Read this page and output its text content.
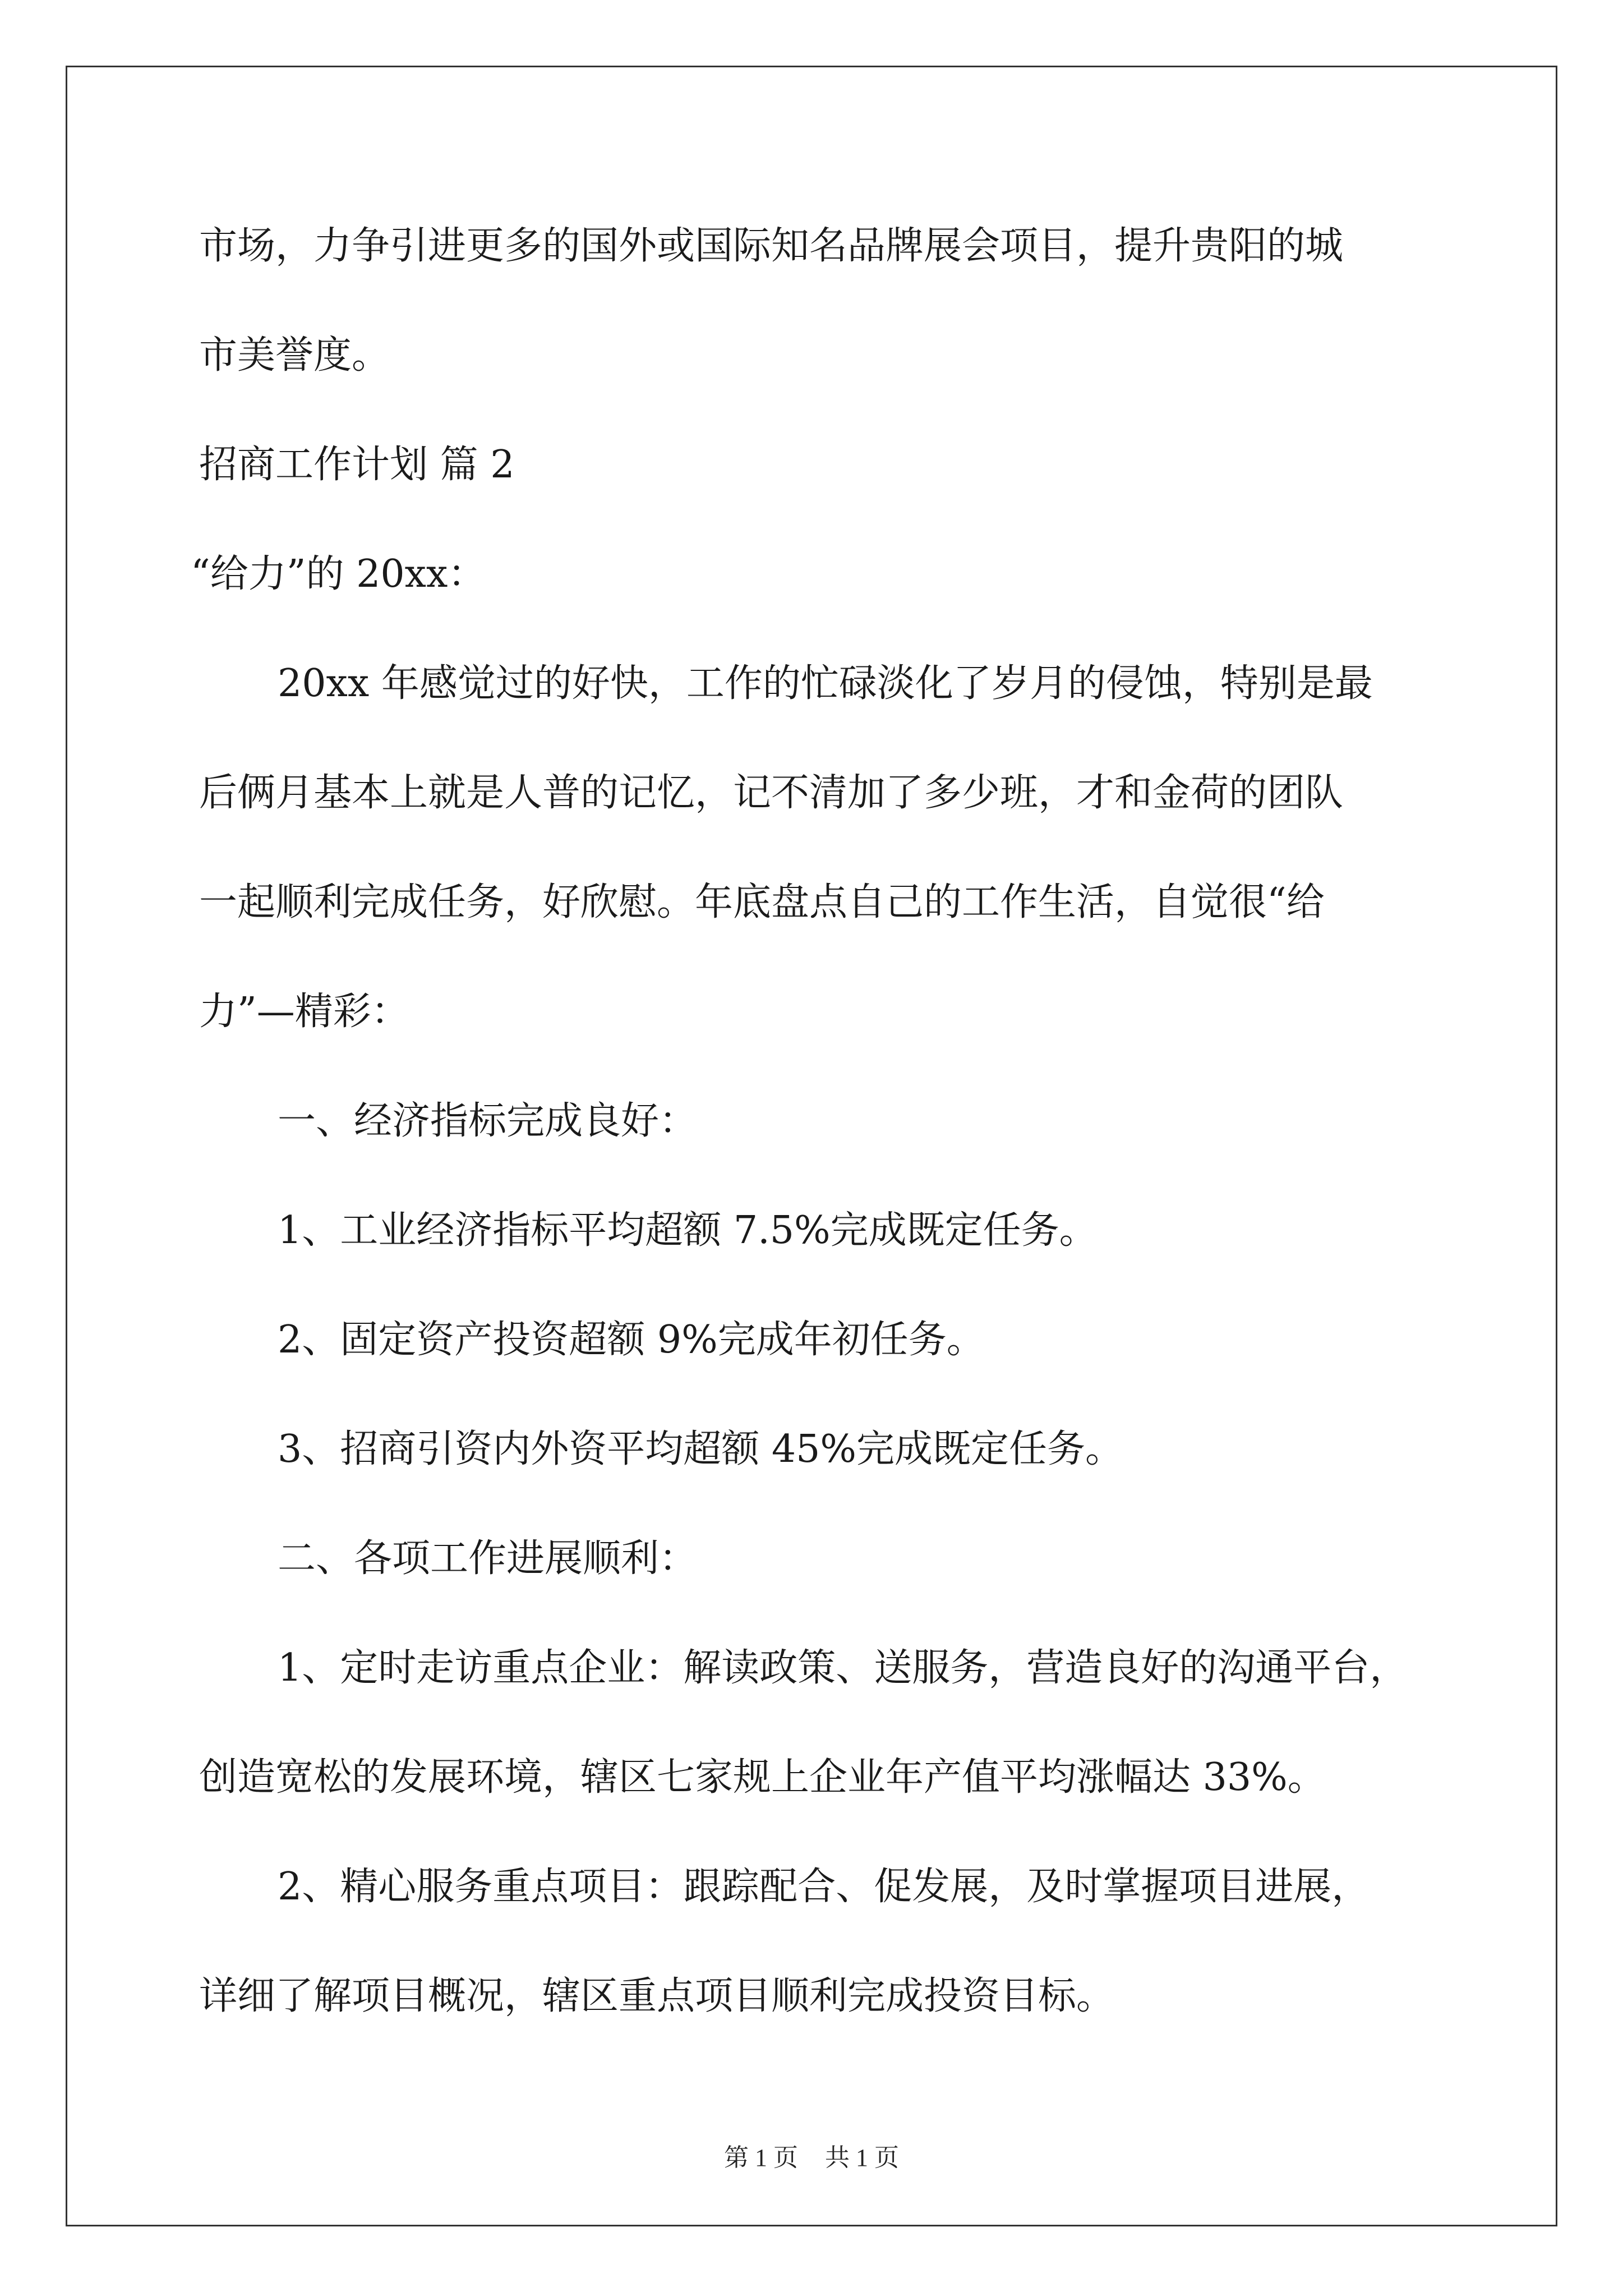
市场，力争引进更多的国外或国际知名品牌展会项目，提升贵阳的城
市美誉度。
招商工作计划 篇 2
“给力”的 20xx：
20xx 年感觉过的好快，工作的忙碌淡化了岁月的侵蚀，特别是最
后俩月基本上就是人普的记忆，记不清加了多少班，才和金荷的团队
一起顺利完成任务，好欣慰。年底盘点自己的工作生活，自觉很“给
力”—精彩：
一、经济指标完成良好：
1、工业经济指标平均超额 7.5%完成既定任务。
2、固定资产投资超额 9%完成年初任务。
3、招商引资内外资平均超额 45%完成既定任务。
二、各项工作进展顺利：
1、定时走访重点企业：解读政策、送服务，营造良好的沟通平台，
创造宽松的发展环境，辖区七家规上企业年产值平均涨幅达 33%。
2、精心服务重点项目：跟踪配合、促发展，及时掌握项目进展，
详细了解项目概况，辖区重点项目顺利完成投资目标。
第 1 页 共 1 页
